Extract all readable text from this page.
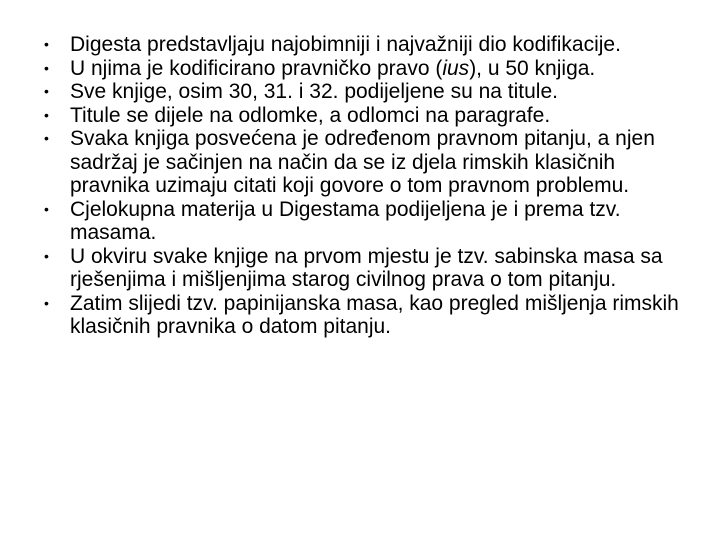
• Digesta predstavljaju najobimniji i najvažniji dio kodifikacije.
• U njima je kodificirano pravničko pravo (ius), u 50 knjiga.
• Sve knjige, osim 30, 31. i 32. podijeljene su na titule.
• Titule se dijele na odlomke, a odlomci na paragrafe.
• Svaka knjiga posvećena je određenom pravnom pitanju, a njen sadržaj je sačinjen na način da se iz djela rimskih klasičnih pravnika uzimaju citati koji govore o tom pravnom problemu.
• Cjelokupna materija u Digestama podijeljena je i prema tzv. masama.
• U okviru svake knjige na prvom mjestu je tzv. sabinska masa sa rješenjima i mišljenjima starog civilnog prava o tom pitanju.
• Zatim slijedi tzv. papinijanska masa, kao pregled mišljenja rimskih klasičnih pravnika o datom pitanju.
